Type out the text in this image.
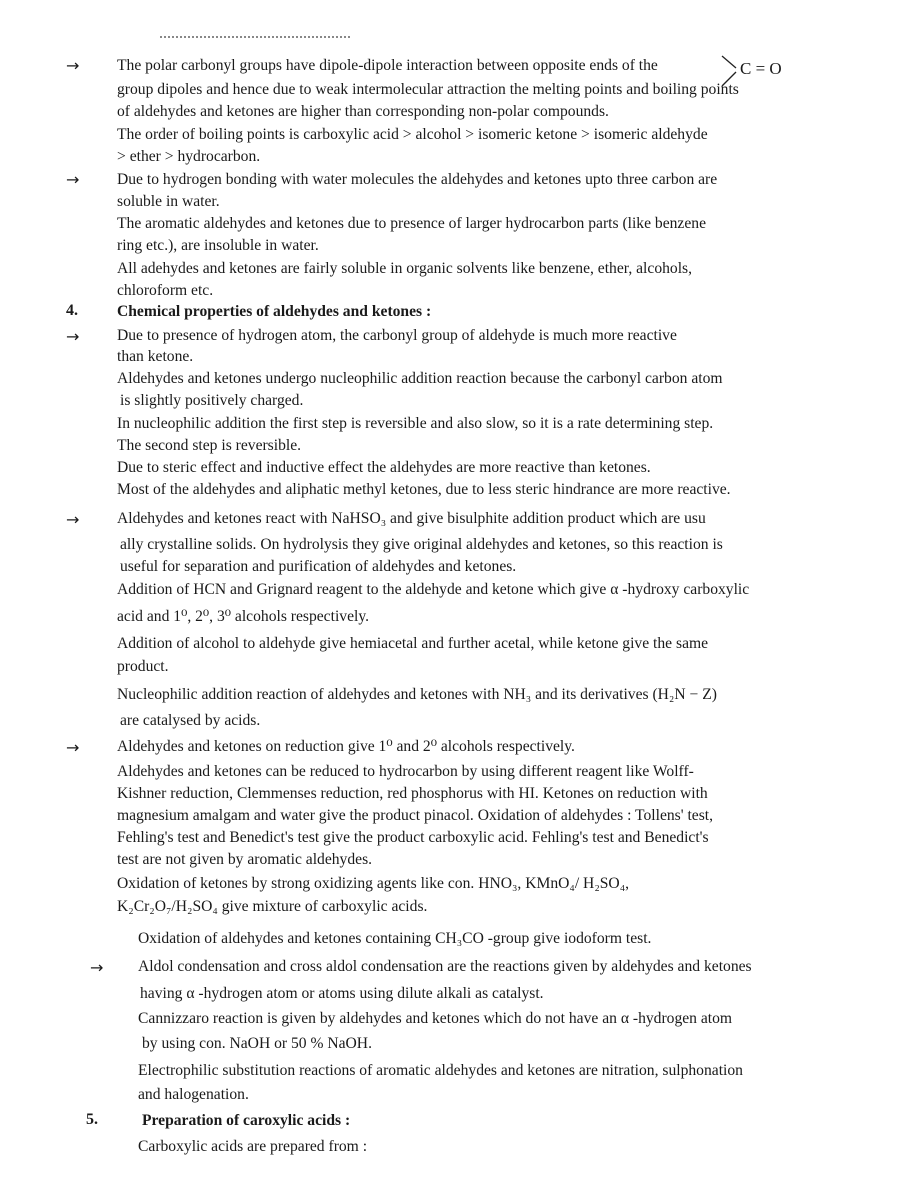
→ The polar carbonyl groups have dipole-dipole interaction between opposite ends of the	C = O
group dipoles and hence due to weak intermolecular attraction the melting points and boiling points
of aldehydes and ketones are higher than corresponding non-polar compounds.
The order of boiling points is carboxylic acid > alcohol > isomeric ketone > isomeric aldehyde
> ether > hydrocarbon.
→ Due to hydrogen bonding with water molecules the aldehydes and ketones upto three carbon are
soluble in water.
The aromatic aldehydes and ketones due to presence of larger hydrocarbon parts (like benzene
ring etc.), are insoluble in water.
All adehydes and ketones are fairly soluble in organic solvents like benzene, ether, alcohols,
chloroform etc.
4.	Chemical properties of aldehydes and ketones :
→ Due to presence of hydrogen atom, the carbonyl group of aldehyde is much more reactive
than ketone.
Aldehydes and ketones undergo nucleophilic addition reaction because the carbonyl carbon atom
is slightly positively charged.
In nucleophilic addition the first step is reversible and also slow, so it is a rate determining step.
The second step is reversible.
Due to steric effect and inductive effect the aldehydes are more reactive than ketones.
Most of the aldehydes and aliphatic methyl ketones, due to less steric hindrance are more reactive.
→ Aldehydes and ketones react with NaHSO₃ and give bisulphite addition product which are usu
ally crystalline solids. On hydrolysis they give original aldehydes and ketones, so this reaction is
useful for separation and purification of aldehydes and ketones.
Addition of HCN and Grignard reagent to the aldehyde and ketone which give α -hydroxy carboxylic
acid and 1⁰, 2⁰, 3⁰ alcohols respectively.
Addition of alcohol to aldehyde give hemiacetal and further acetal, while ketone give the same
product.
Nucleophilic addition reaction of aldehydes and ketones with NH₃ and its derivatives (H₂N − Z)
are catalysed by acids.
→ Aldehydes and ketones on reduction give 1⁰ and 2⁰ alcohols respectively.
Aldehydes and ketones can be reduced to hydrocarbon by using different reagent like Wolff-
Kishner reduction, Clemmenses reduction, red phosphorus with HI. Ketones on reduction with
magnesium amalgam and water give the product pinacol. Oxidation of aldehydes : Tollens' test,
Fehling's test and Benedict's test give the product carboxylic acid. Fehling's test and Benedict's
test are not given by aromatic aldehydes.
Oxidation of ketones by strong oxidizing agents like con. HNO₃, KMnO₄/ H₂SO₄,
K₂Cr₂O₇/H₂SO₄ give mixture of carboxylic acids.
Oxidation of aldehydes and ketones containing CH₃CO -group give iodoform test.
→ Aldol condensation and cross aldol condensation are the reactions given by aldehydes and ketones
having α -hydrogen atom or atoms using dilute alkali as catalyst.
Cannizzaro reaction is given by aldehydes and ketones which do not have an α -hydrogen atom
by using con. NaOH or 50 % NaOH.
Electrophilic substitution reactions of aromatic aldehydes and ketones are nitration, sulphonation
and halogenation.
5.	Preparation of caroxylic acids :
Carboxylic acids are prepared from :
